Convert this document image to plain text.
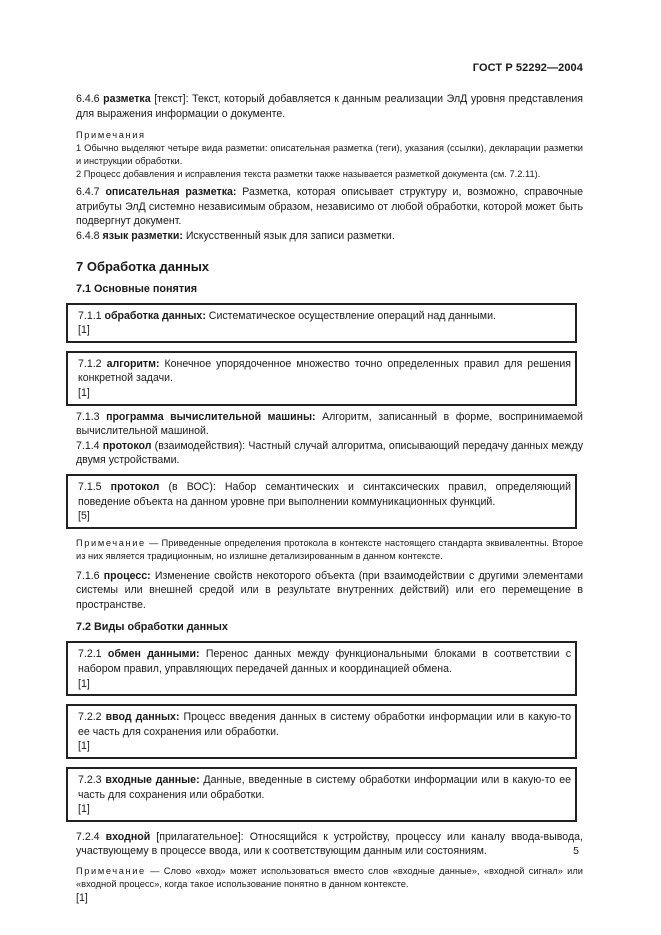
ГОСТ Р 52292—2004

6.4.6 разметка [текст]: Текст, который добавляется к данным реализации ЭлД уровня представления для выражения информации о документе.

Примечания

1 Обычно выделяют четыре вида разметки: описательная разметка (теги), указания (ссылки), декларации разметки и инструкции обработки.

2 Процесс добавления и исправления текста разметки также называется разметкой документа (см. 7.2.11).

6.4.7 описательная разметка: Разметка, которая описывает структуру и, возможно, справочные атрибуты ЭлД системно независимым образом, независимо от любой обработки, которой может быть подвергнут документ.

6.4.8 язык разметки: Искусственный язык для записи разметки.

7 Обработка данных
7.1 Основные понятия

7.1.1 обработка данных: Систематическое осуществление операций над данными.

[1]

7.1.2 алгоритм: Конечное упорядоченное множество точно определенных правил для решения конкретной задачи.

[1]

7.1.3 программа вычислительной машины: Алгоритм, записанный в форме, воспринимаемой вычислительной машиной.

7.1.4 протокол (взаимодействия): Частный случай алгоритма, описывающий передачу данных между двумя устройствами.

7.1.5 протокол (в ВОС): Набор семантических и синтаксических правил, определяющий поведение объекта на данном уровне при выполнении коммуникационных функций.

[5]

Примечание — Приведенные определения протокола в контексте настоящего стандарта эквивалентны. Второе из них является традиционным, но излишне детализированным в данном контексте.

7.1.6 процесс: Изменение свойств некоторого объекта (при взаимодействии с другими элементами системы или внешней средой или в результате внутренних действий) или его перемещение в пространстве.

7.2 Виды обработки данных

7.2.1 обмен данными: Перенос данных между функциональными блоками в соответствии с набором правил, управляющих передачей данных и координацией обмена.

[1]

7.2.2 ввод данных: Процесс введения данных в систему обработки информации или в какую-то ее часть для сохранения или обработки.

[1]

7.2.3 входные данные: Данные, введенные в систему обработки информации или в какую-то ее часть для сохранения или обработки.

[1]

7.2.4 входной [прилагательное]: Относящийся к устройству, процессу или каналу ввода-вывода, участвующему в процессе ввода, или к соответствующим данным или состояниям.

Примечание — Слово «вход» может использоваться вместо слов «входные данные», «входной сигнал» или «входной процесс», когда такое использование понятно в данном контексте.

[1]

5
